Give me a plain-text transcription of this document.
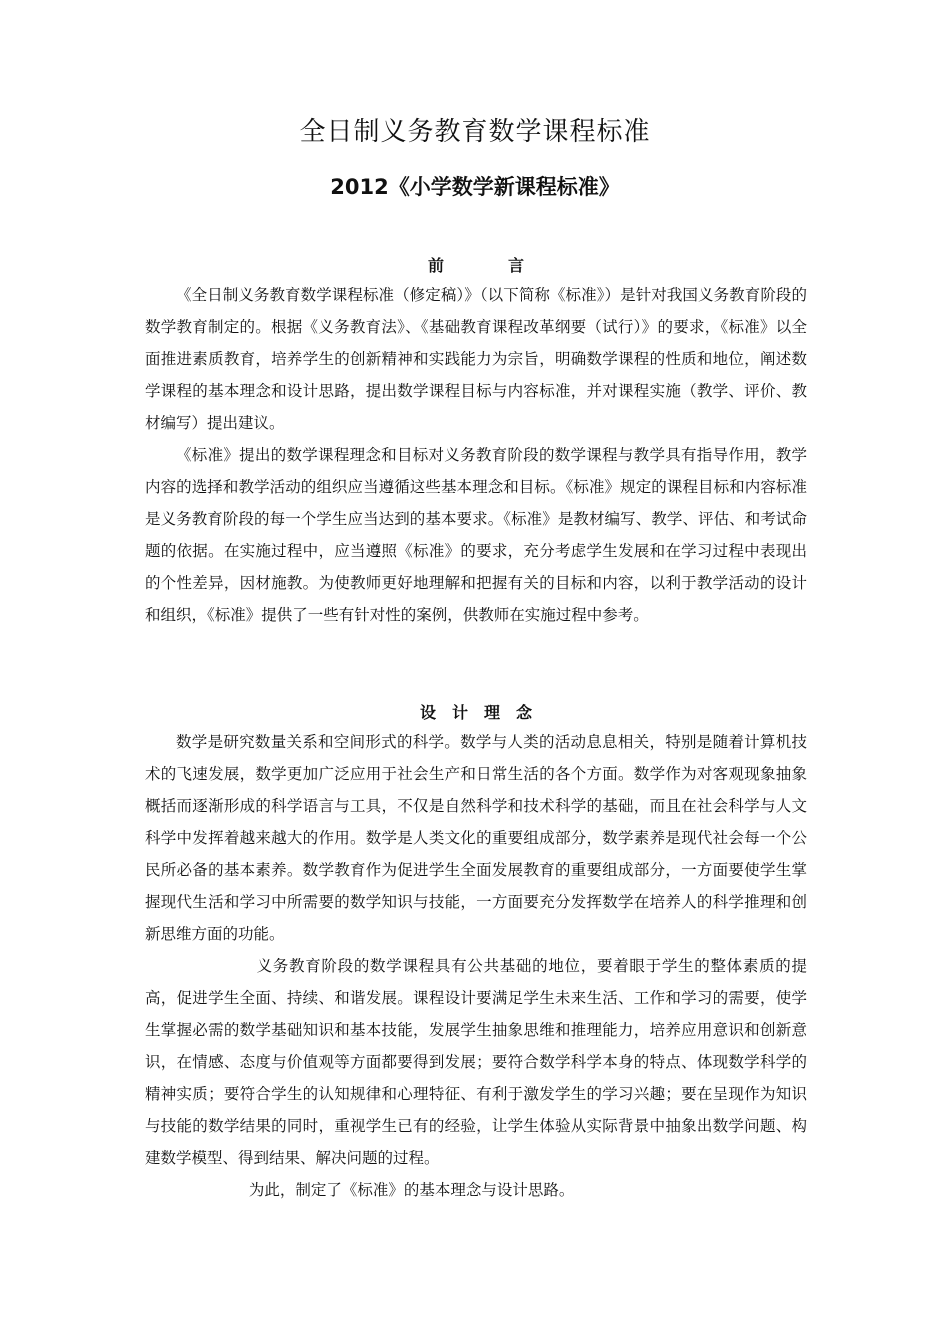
全日制义务教育数学课程标准
2012《小学数学新课程标准》
前　　　　言

《全日制义务教育数学课程标准（修定稿）》（以下简称《标准》）是针对我国义务教育阶段的数学教育制定的。根据《义务教育法》、《基础教育课程改革纲要（试行）》的要求，《标准》以全面推进素质教育，培养学生的创新精神和实践能力为宗旨，明确数学课程的性质和地位，阐述数学课程的基本理念和设计思路，提出数学课程目标与内容标准，并对课程实施（教学、评价、教材编写）提出建议。

《标准》提出的数学课程理念和目标对义务教育阶段的数学课程与教学具有指导作用，教学内容的选择和教学活动的组织应当遵循这些基本理念和目标。《标准》规定的课程目标和内容标准是义务教育阶段的每一个学生应当达到的基本要求。《标准》是教材编写、教学、评估、和考试命题的依据。在实施过程中，应当遵照《标准》的要求，充分考虑学生发展和在学习过程中表现出的个性差异，因材施教。为使教师更好地理解和把握有关的目标和内容，以利于教学活动的设计和组织，《标准》提供了一些有针对性的案例，供教师在实施过程中参考。

设　计　理　念

数学是研究数量关系和空间形式的科学。数学与人类的活动息息相关，特别是随着计算机技术的飞速发展，数学更加广泛应用于社会生产和日常生活的各个方面。数学作为对客观现象抽象概括而逐渐形成的科学语言与工具，不仅是自然科学和技术科学的基础，而且在社会科学与人文科学中发挥着越来越大的作用。数学是人类文化的重要组成部分，数学素养是现代社会每一个公民所必备的基本素养。数学教育作为促进学生全面发展教育的重要组成部分，一方面要使学生掌握现代生活和学习中所需要的数学知识与技能，一方面要充分发挥数学在培养人的科学推理和创新思维方面的功能。

义务教育阶段的数学课程具有公共基础的地位，要着眼于学生的整体素质的提高，促进学生全面、持续、和谐发展。课程设计要满足学生未来生活、工作和学习的需要，使学生掌握必需的数学基础知识和基本技能，发展学生抽象思维和推理能力，培养应用意识和创新意识，在情感、态度与价值观等方面都要得到发展；要符合数学科学本身的特点、体现数学科学的精神实质；要符合学生的认知规律和心理特征、有利于激发学生的学习兴趣；要在呈现作为知识与技能的数学结果的同时，重视学生已有的经验，让学生体验从实际背景中抽象出数学问题、构建数学模型、得到结果、解决问题的过程。

为此，制定了《标准》的基本理念与设计思路。
